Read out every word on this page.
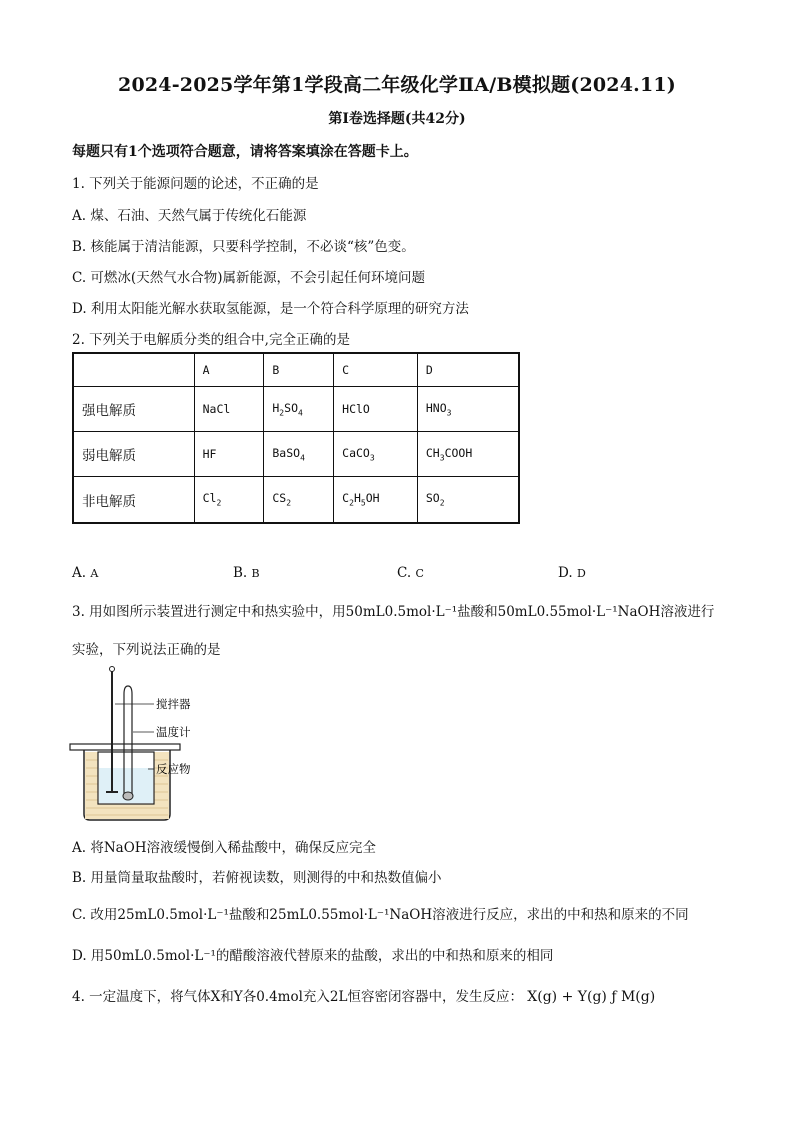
2024-2025学年第1学段高二年级化学ⅡA/B模拟题(2024.11)
第Ⅰ卷选择题(共42分)
每题只有1个选项符合题意，请将答案填涂在答题卡上。
1. 下列关于能源问题的论述，不正确的是
A. 煤、石油、天然气属于传统化石能源
B. 核能属于清洁能源，只要科学控制，不必谈“核”色变。
C. 可燃冰(天然气水合物)属新能源，不会引起任何环境问题
D. 利用太阳能光解水获取氢能源，是一个符合科学原理的研究方法
2. 下列关于电解质分类的组合中,完全正确的是
	A	B	C	D
强电解质	NaCl	$H_2SO_4$	HClO	$HNO_3$
弱电解质	HF	BaSO$_4$	CaCO$_3$	$CH_3COOH$
非电解质	$Cl_2$	$CS_2$	$C_2H_5OH$	$SO_2$
A. A	B. B	C. C	D. D
3. 用如图所示装置进行测定中和热实验中，用50mL0.5mol·L⁻¹盐酸和50mL0.55mol·L⁻¹NaOH溶液进行
实验，下列说法正确的是
搅拌器
温度计
反应物
A. 将NaOH溶液缓慢倒入稀盐酸中，确保反应完全
B. 用量筒量取盐酸时，若俯视读数，则测得的中和热数值偏小
C. 改用25mL0.5mol·L⁻¹盐酸和25mL0.55mol·L⁻¹NaOH溶液进行反应，求出的中和热和原来的不同
D. 用50mL0.5mol·L⁻¹的醋酸溶液代替原来的盐酸，求出的中和热和原来的相同
4. 一定温度下，将气体X和Y各0.4mol充入2L恒容密闭容器中，发生反应： X(g) + Y(g) ƒ M(g)
